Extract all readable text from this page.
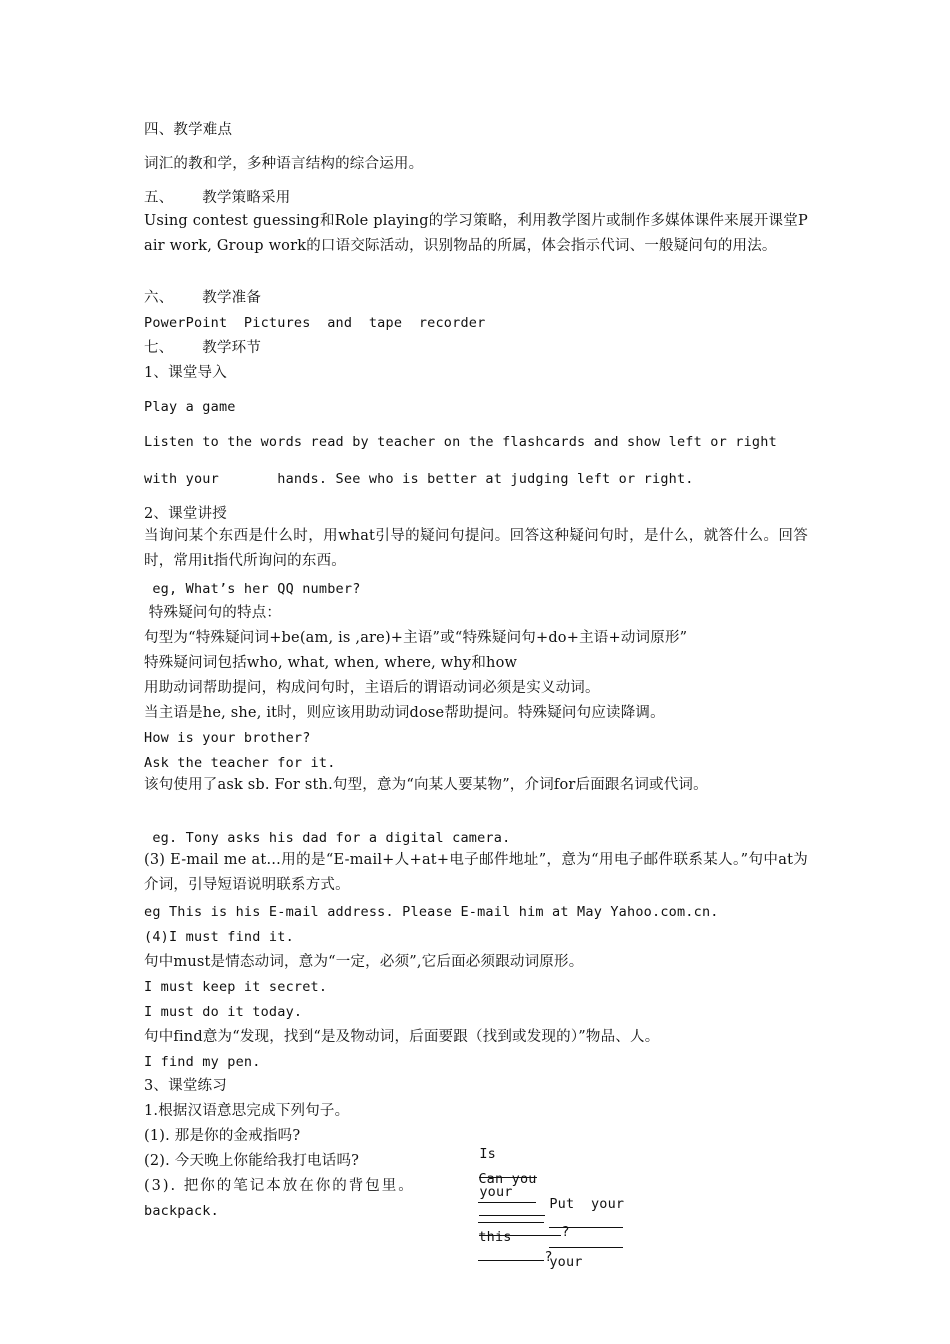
四、教学难点
词汇的教和学，多种语言结构的综合运用。
五、      教学策略采用
Using contest guessing和Role playing的学习策略，利用教学图片或制作多媒体课件来展开课堂Pair work, Group work的口语交际活动，识别物品的所属，体会指示代词、一般疑问句的用法。
六、      教学准备
PowerPoint  Pictures  and  tape  recorder
七、      教学环节
1、课堂导入
Play a game
Listen to the words read by teacher on the flashcards and show left or right
with your       hands. See who is better at judging left or right.
2、课堂讲授
当询问某个东西是什么时，用what引导的疑问句提问。回答这种疑问句时，是什么，就答什么。回答时，常用it指代所询问的东西。
eg, What’s her QQ number?
特殊疑问句的特点：
句型为“特殊疑问词+be(am, is ,are)+主语”或“特殊疑问句+do+主语+动词原形”
特殊疑问词包括who, what, when, where, why和how
用助动词帮助提问，构成问句时，主语后的谓语动词必须是实义动词。
当主语是he, she, it时，则应该用助动词dose帮助提问。特殊疑问句应读降调。
How is your brother?
Ask the teacher for it.
该句使用了ask sb. For sth.句型，意为“向某人要某物”，介词for后面跟名词或代词。
eg. Tony asks his dad for a digital camera.
(3) E-mail me at…用的是“E-mail+人+at+电子邮件地址”，意为“用电子邮件联系某人。”句中at为介词，引导短语说明联系方式。
eg This is his E-mail address. Please E-mail him at May Yahoo.com.cn.
(4)I must find it.
句中must是情态动词，意为“一定，必须”,它后面必须跟动词原形。
I must keep it secret.
I must do it today.
句中find意为“发现，找到“是及物动词，后面要跟（找到或发现的）”物品、人。
I find my pen.
3、课堂练习
1.根据汉语意思完成下列句子。
(1). 那是你的金戒指吗?

Is

your

?

(2). 今天晚上你能给我打电话吗?

Can you

this
?

(3). 把你的笔记本放在你的背包里。

Put  your

your

backpack.
